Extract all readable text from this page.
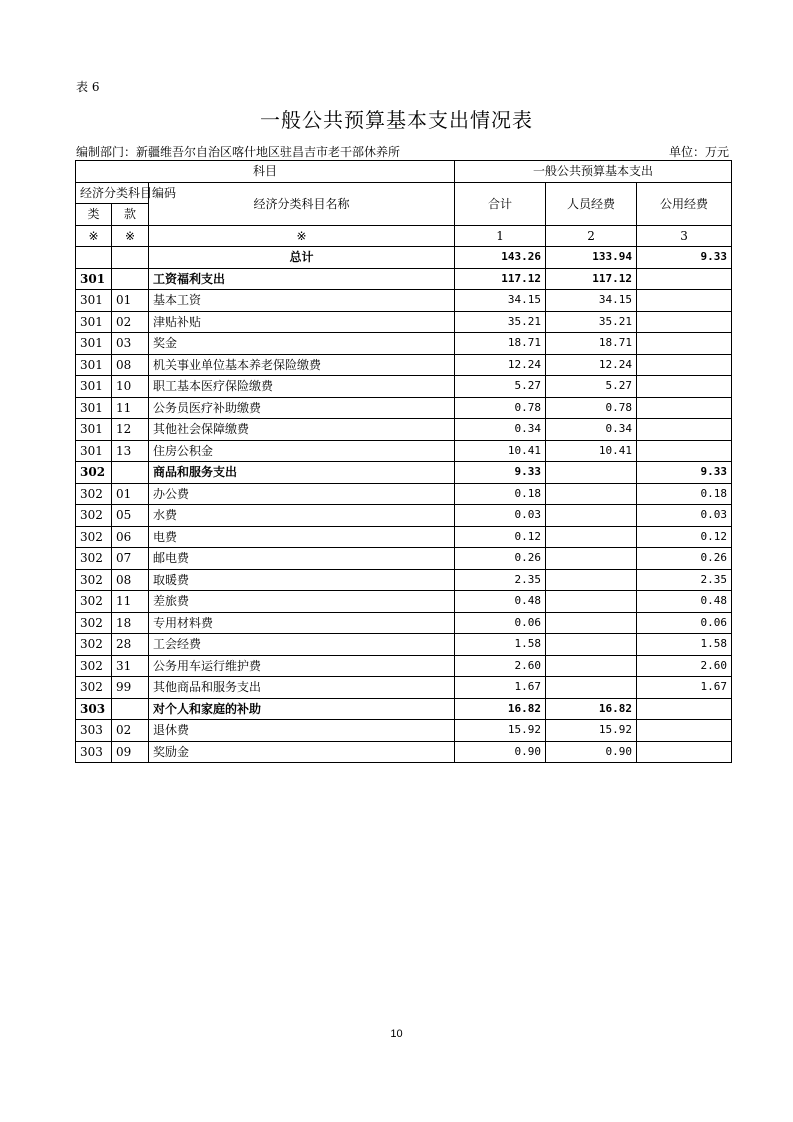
表 6
一般公共预算基本支出情况表
编制部门：新疆维吾尔自治区喀什地区驻昌吉市老干部休养所	单位：万元
科目			一般公共预算基本支出		
经济分类科目编码		经济分类科目名称	合计	人员经费	公用经费
类	款				
※	※	※	1	2	3
		总计	143.26	133.94	9.33
301		工资福利支出	117.12	117.12	
301	01	基本工资	34.15	34.15	
301	02	津贴补贴	35.21	35.21	
301	03	奖金	18.71	18.71	
301	08	机关事业单位基本养老保险缴费	12.24	12.24	
301	10	职工基本医疗保险缴费	5.27	5.27	
301	11	公务员医疗补助缴费	0.78	0.78	
301	12	其他社会保障缴费	0.34	0.34	
301	13	住房公积金	10.41	10.41	
302		商品和服务支出	9.33		9.33
302	01	办公费	0.18		0.18
302	05	水费	0.03		0.03
302	06	电费	0.12		0.12
302	07	邮电费	0.26		0.26
302	08	取暖费	2.35		2.35
302	11	差旅费	0.48		0.48
302	18	专用材料费	0.06		0.06
302	28	工会经费	1.58		1.58
302	31	公务用车运行维护费	2.60		2.60
302	99	其他商品和服务支出	1.67		1.67
303		对个人和家庭的补助	16.82	16.82	
303	02	退休费	15.92	15.92	
303	09	奖励金	0.90	0.90	
10
